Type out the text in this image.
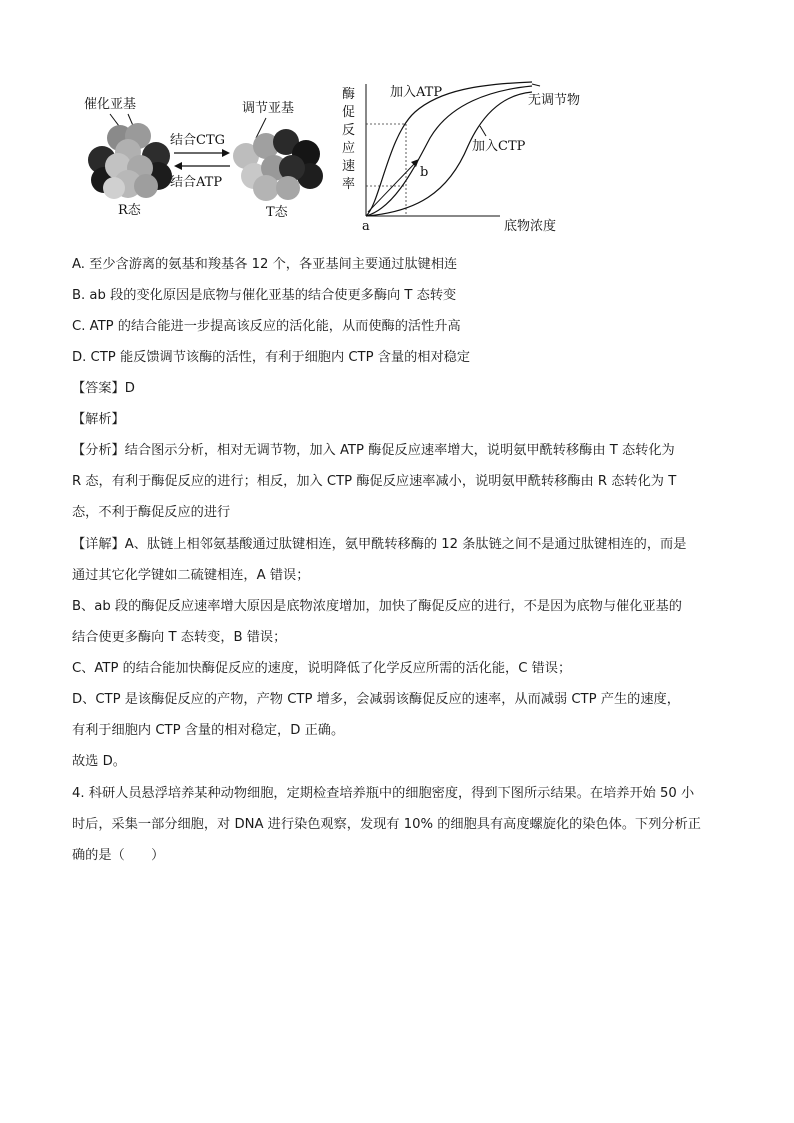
催化亚基
R态
结合CTG
结合ATP
调节亚基
T态
酶
促
反
应
速
率
加入ATP
无调节物
加入CTP
a
b
底物浓度
A. 至少含游离的氨基和羧基各 12 个，各亚基间主要通过肽键相连
B. ab 段的变化原因是底物与催化亚基的结合使更多酶向 T 态转变
C. ATP 的结合能进一步提高该反应的活化能，从而使酶的活性升高
D. CTP 能反馈调节该酶的活性，有利于细胞内 CTP 含量的相对稳定
【答案】D
【解析】
【分析】结合图示分析，相对无调节物，加入 ATP 酶促反应速率增大，说明氨甲酰转移酶由 T 态转化为
R 态，有利于酶促反应的进行；相反，加入 CTP 酶促反应速率减小，说明氨甲酰转移酶由 R 态转化为 T
态，不利于酶促反应的进行
【详解】A、肽链上相邻氨基酸通过肽键相连，氨甲酰转移酶的 12 条肽链之间不是通过肽键相连的，而是
通过其它化学键如二硫键相连，A 错误；
B、ab 段的酶促反应速率增大原因是底物浓度增加，加快了酶促反应的进行，不是因为底物与催化亚基的
结合使更多酶向 T 态转变，B 错误；
C、ATP 的结合能加快酶促反应的速度，说明降低了化学反应所需的活化能，C 错误；
D、CTP 是该酶促反应的产物，产物 CTP 增多，会减弱该酶促反应的速率，从而减弱 CTP 产生的速度，
有利于细胞内 CTP 含量的相对稳定，D 正确。
故选 D。
4. 科研人员悬浮培养某种动物细胞，定期检查培养瓶中的细胞密度，得到下图所示结果。在培养开始 50 小
时后，采集一部分细胞，对 DNA 进行染色观察，发现有 10% 的细胞具有高度螺旋化的染色体。下列分析正
确的是（　　）
